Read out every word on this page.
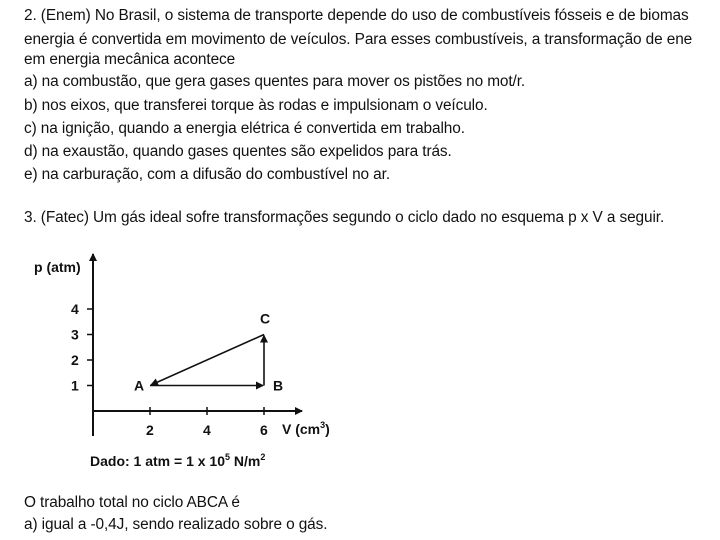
2. (Enem) No Brasil, o sistema de transporte depende do uso de combustíveis fósseis e de biomas
energia é convertida em movimento de veículos. Para esses combustíveis, a transformação de ene
em energia mecânica acontece
a) na combustão, que gera gases quentes para mover os pistões no mot/r.
b) nos eixos, que transferei torque às rodas e impulsionam o veículo.
c) na ignição, quando a energia elétrica é convertida em trabalho.
d) na exaustão, quando gases quentes são expelidos para trás.
e) na carburação, com a difusão do combustível no ar.
3. (Fatec) Um gás ideal sofre transformações segundo o ciclo dado no esquema p x V a seguir.
p (atm)
V $(cm^3)$
1
2
3
4
2	4	6
A	B
C
Dado: 1 atm = 1 x $10^5$ $N/m^2$
O trabalho total no ciclo ABCA é
a) igual a -0,4J, sendo realizado sobre o gás.
